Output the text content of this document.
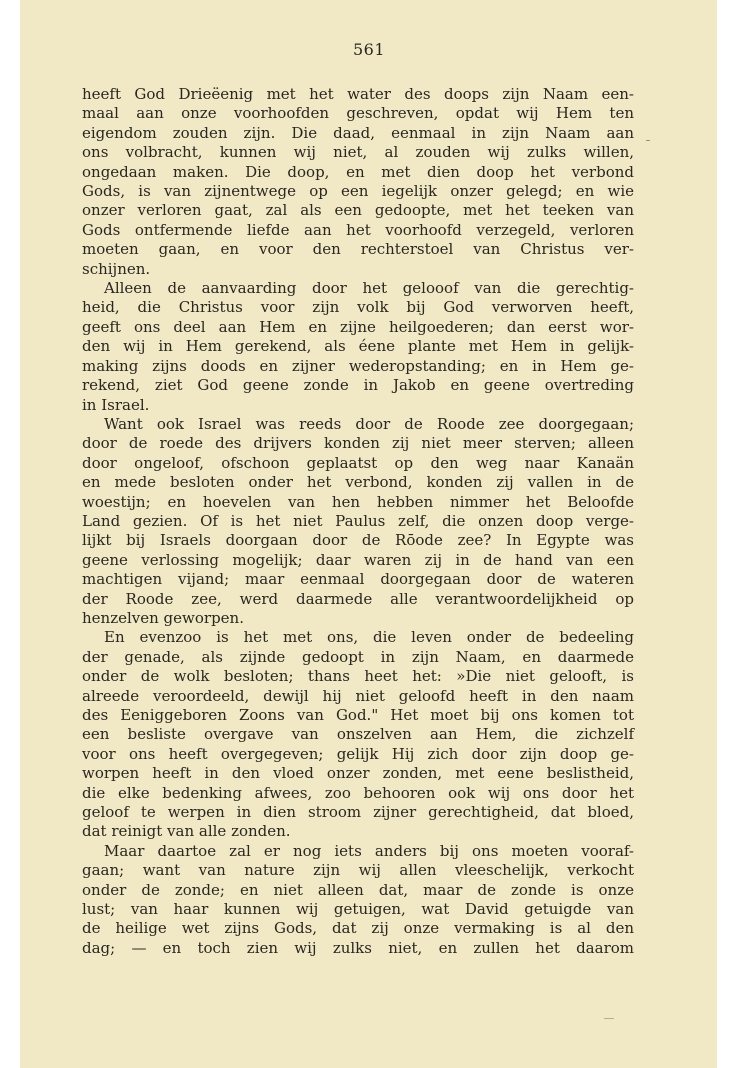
561
heeft God Drieëenig met het water des doops zijn Naam een-
maal aan onze voorhoofden geschreven, opdat wij Hem ten
eigendom zouden zijn. Die daad, eenmaal in zijn Naam aan
ons volbracht, kunnen wij niet, al zouden wij zulks willen,
ongedaan maken. Die doop, en met dien doop het verbond
Gods, is van zijnentwege op een iegelijk onzer gelegd; en wie
onzer verloren gaat, zal als een gedoopte, met het teeken van
Gods ontfermende liefde aan het voorhoofd verzegeld, verloren
moeten gaan, en voor den rechterstoel van Christus ver-
schijnen.
Alleen de aanvaarding door het gelooof van die gerechtig-
heid, die Christus voor zijn volk bij God verworven heeft,
geeft ons deel aan Hem en zijne heilgoederen; dan eerst wor-
den wij in Hem gerekend, als éene plante met Hem in gelijk-
making zijns doods en zijner wederopstanding; en in Hem ge-
rekend, ziet God geene zonde in Jakob en geene overtreding
in Israel.
Want ook Israel was reeds door de Roode zee doorgegaan;
door de roede des drijvers konden zij niet meer sterven; alleen
door ongeloof, ofschoon geplaatst op den weg naar Kanaän
en mede besloten onder het verbond, konden zij vallen in de
woestijn; en hoevelen van hen hebben nimmer het Beloofde
Land gezien. Of is het niet Paulus zelf, die onzen doop verge-
lijkt bij Israels doorgaan door de Rōode zee? In Egypte was
geene verlossing mogelijk; daar waren zij in de hand van een
machtigen vijand; maar eenmaal doorgegaan door de wateren
der Roode zee, werd daarmede alle verantwoordelijkheid op
henzelven geworpen.
En evenzoo is het met ons, die leven onder de bedeeling
der genade, als zijnde gedoopt in zijn Naam, en daarmede
onder de wolk besloten; thans heet het: »Die niet gelooft, is
alreede veroordeeld, dewijl hij niet geloofd heeft in den naam
des Eeniggeboren Zoons van God." Het moet bij ons komen tot
een besliste overgave van onszelven aan Hem, die zichzelf
voor ons heeft overgegeven; gelijk Hij zich door zijn doop ge-
worpen heeft in den vloed onzer zonden, met eene beslistheid,
die elke bedenking afwees, zoo behooren ook wij ons door het
geloof te werpen in dien stroom zijner gerechtigheid, dat bloed,
dat reinigt van alle zonden.
Maar daartoe zal er nog iets anders bij ons moeten vooraf-
gaan; want van nature zijn wij allen vleeschelijk, verkocht
onder de zonde; en niet alleen dat, maar de zonde is onze
lust; van haar kunnen wij getuigen, wat David getuigde van
de heilige wet zijns Gods, dat zij onze vermaking is al den
dag; — en toch zien wij zulks niet, en zullen het daarom
